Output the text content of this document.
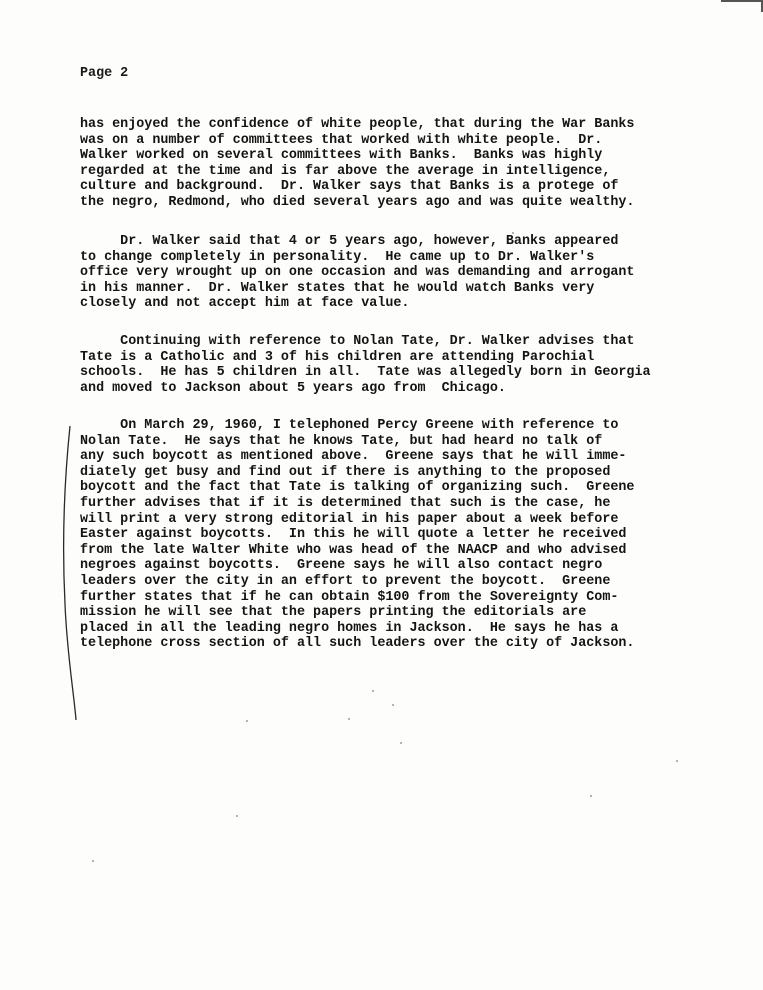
Page 2
has enjoyed the confidence of white people, that during the War Banks
was on a number of committees that worked with white people.  Dr.
Walker worked on several committees with Banks.  Banks was highly
regarded at the time and is far above the average in intelligence,
culture and background.  Dr. Walker says that Banks is a protege of
the negro, Redmond, who died several years ago and was quite wealthy.
Dr. Walker said that 4 or 5 years ago, however, Banks appeared
to change completely in personality.  He came up to Dr. Walker's
office very wrought up on one occasion and was demanding and arrogant
in his manner.  Dr. Walker states that he would watch Banks very
closely and not accept him at face value.
Continuing with reference to Nolan Tate, Dr. Walker advises that
Tate is a Catholic and 3 of his children are attending Parochial
schools.  He has 5 children in all.  Tate was allegedly born in Georgia
and moved to Jackson about 5 years ago from  Chicago.
On March 29, 1960, I telephoned Percy Greene with reference to
Nolan Tate.  He says that he knows Tate, but had heard no talk of
any such boycott as mentioned above.  Greene says that he will imme-
diately get busy and find out if there is anything to the proposed
boycott and the fact that Tate is talking of organizing such.  Greene
further advises that if it is determined that such is the case, he
will print a very strong editorial in his paper about a week before
Easter against boycotts.  In this he will quote a letter he received
from the late Walter White who was head of the NAACP and who advised
negroes against boycotts.  Greene says he will also contact negro
leaders over the city in an effort to prevent the boycott.  Greene
further states that if he can obtain $100 from the Sovereignty Com-
mission he will see that the papers printing the editorials are
placed in all the leading negro homes in Jackson.  He says he has a
telephone cross section of all such leaders over the city of Jackson.
